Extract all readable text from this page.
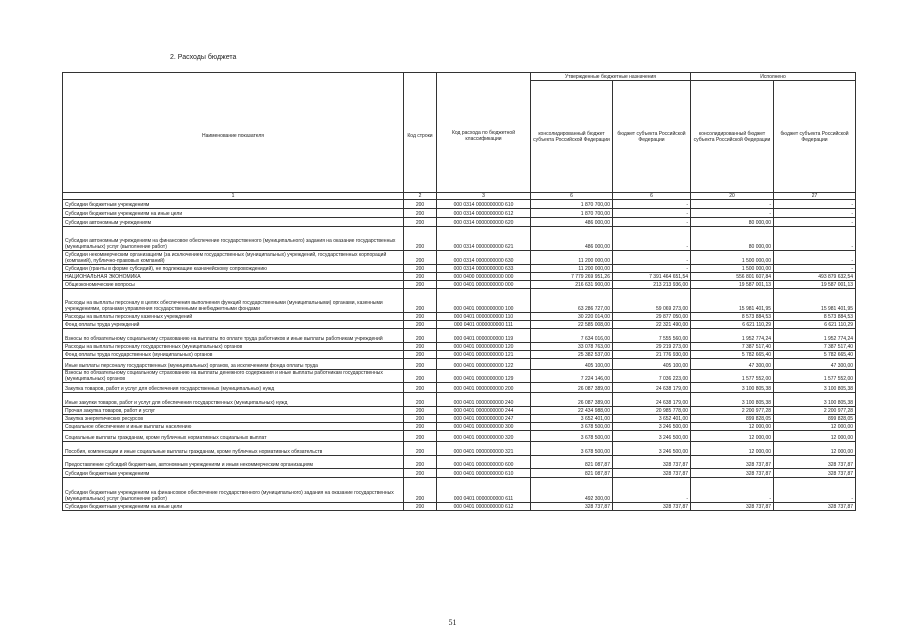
2. Расходы бюджета
			Утвержденные бюджетные назначения		Исполнено	
Наименование показателя	Код строки	Код расхода по бюджетной классификации	консолидированный бюджет субъекта Российской Федерации	бюджет субъекта Российской Федерации	консолидированный бюджет субъекта Российской Федерации	бюджет субъекта Российской Федерации
1	2	3	6	6	20	27
Субсидии бюджетным учреждениям	200	000 0314 0000000000 610	1 870 700,00	-	-	-
Субсидии бюджетным учреждениям на иные цели	200	000 0314 0000000000 612	1 870 700,00	-	-	-
Субсидии автономным учреждениям	200	000 0314 0000000000 620	486 000,00	-	80 000,00	-
Субсидии автономным учреждениям на финансовое обеспечение государственного (муниципального) задания на оказание государственных (муниципальных) услуг (выполнение работ)	200	000 0314 0000000000 621	486 000,00	-	80 000,00	-
Субсидии некоммерческим организациям (за исключением государственных (муниципальных) учреждений, государственных корпораций (компаний), публично-правовых компаний)	200	000 0314 0000000000 630	11 200 000,00	-	1 500 000,00	-
Субсидии (гранты в форме субсидий), не подлежащие казначейскому сопровождению	200	000 0314 0000000000 633	11 200 000,00	-	1 500 000,00	-
НАЦИОНАЛЬНАЯ ЭКОНОМИКА	200	000 0400 0000000000 000	7 779 269 951,26	7 391 464 651,54	556 801 607,84	493 879 632,54
Общеэкономические вопросы	200	000 0401 0000000000 000	216 631 900,00	213 213 936,00	19 587 001,13	19 587 001,13
Расходы на выплаты персоналу в целях обеспечения выполнения функций государственными (муниципальными) органами, казенными учреждениями, органами управления государственными внебюджетными фондами	200	000 0401 0000000000 100	63 286 727,00	59 069 273,00	15 981 401,95	15 981 401,95
Расходы на выплаты персоналу казенных учреждений	200	000 0401 0000000000 110	30 220 014,00	29 877 050,00	8 573 884,53	8 573 884,53
Фонд оплаты труда учреждений	200	000 0401 0000000000 111	22 585 008,00	22 321 490,00	6 621 110,29	6 621 110,29
Взносы по обязательному социальному страхованию на выплаты по оплате труда работников и иные выплаты работникам учреждений	200	000 0401 0000000000 119	7 634 016,00	7 555 560,00	1 952 774,24	1 952 774,24
Расходы на выплаты персоналу государственных (муниципальных) органов	200	000 0401 0000000000 120	33 078 763,00	29 219 273,00	7 387 517,40	7 387 517,40
Фонд оплаты труда государственных (муниципальных) органов	200	000 0401 0000000000 121	25 382 537,00	21 776 930,00	5 782 665,40	5 782 665,40
Иные выплаты персоналу государственных (муниципальных) органов, за исключением фонда оплаты труда	200	000 0401 0000000000 122	405 100,00	405 100,00	47 300,00	47 300,00
Взносы по обязательному социальному страхованию на выплаты денежного содержания и иные выплаты работникам государственных (муниципальных) органов	200	000 0401 0000000000 129	7 224 146,00	7 036 223,00	1 577 552,00	1 577 552,00
Закупка товаров, работ и услуг для обеспечения государственных (муниципальных) нужд	200	000 0401 0000000000 200	26 087 389,00	24 638 179,00	3 100 805,38	3 100 805,38
Иные закупки товаров, работ и услуг для обеспечения государственных (муниципальных) нужд	200	000 0401 0000000000 240	26 087 389,00	24 638 179,00	3 100 805,38	3 100 805,38
Прочая закупка товаров, работ и услуг	200	000 0401 0000000000 244	22 434 988,00	20 985 778,00	2 200 977,28	2 200 977,28
Закупка энергетических ресурсов	200	000 0401 0000000000 247	3 652 401,00	3 652 401,00	899 828,05	899 828,05
Социальное обеспечение и иные выплаты населению	200	000 0401 0000000000 300	3 678 500,00	3 246 500,00	12 000,00	12 000,00
Социальные выплаты гражданам, кроме публичных нормативных социальных выплат	200	000 0401 0000000000 320	3 678 500,00	3 246 500,00	12 000,00	12 000,00
Пособия, компенсации и иные социальные выплаты гражданам, кроме публичных нормативных обязательств	200	000 0401 0000000000 321	3 678 500,00	3 246 500,00	12 000,00	12 000,00
Предоставление субсидий бюджетным, автономным учреждениям и иным некоммерческим организациям	200	000 0401 0000000000 600	821 087,87	328 737,87	328 737,87	328 737,87
Субсидии бюджетным учреждениям	200	000 0401 0000000000 610	821 087,87	328 737,87	328 737,87	328 737,87
Субсидии бюджетным учреждениям на финансовое обеспечение государственного (муниципального) задания на оказание государственных (муниципальных) услуг (выполнение работ)	200	000 0401 0000000000 611	492 300,00	-	-	-
Субсидии бюджетным учреждениям на иные цели	200	000 0401 0000000000 612	328 737,87	328 737,87	328 737,87	328 737,87
51
